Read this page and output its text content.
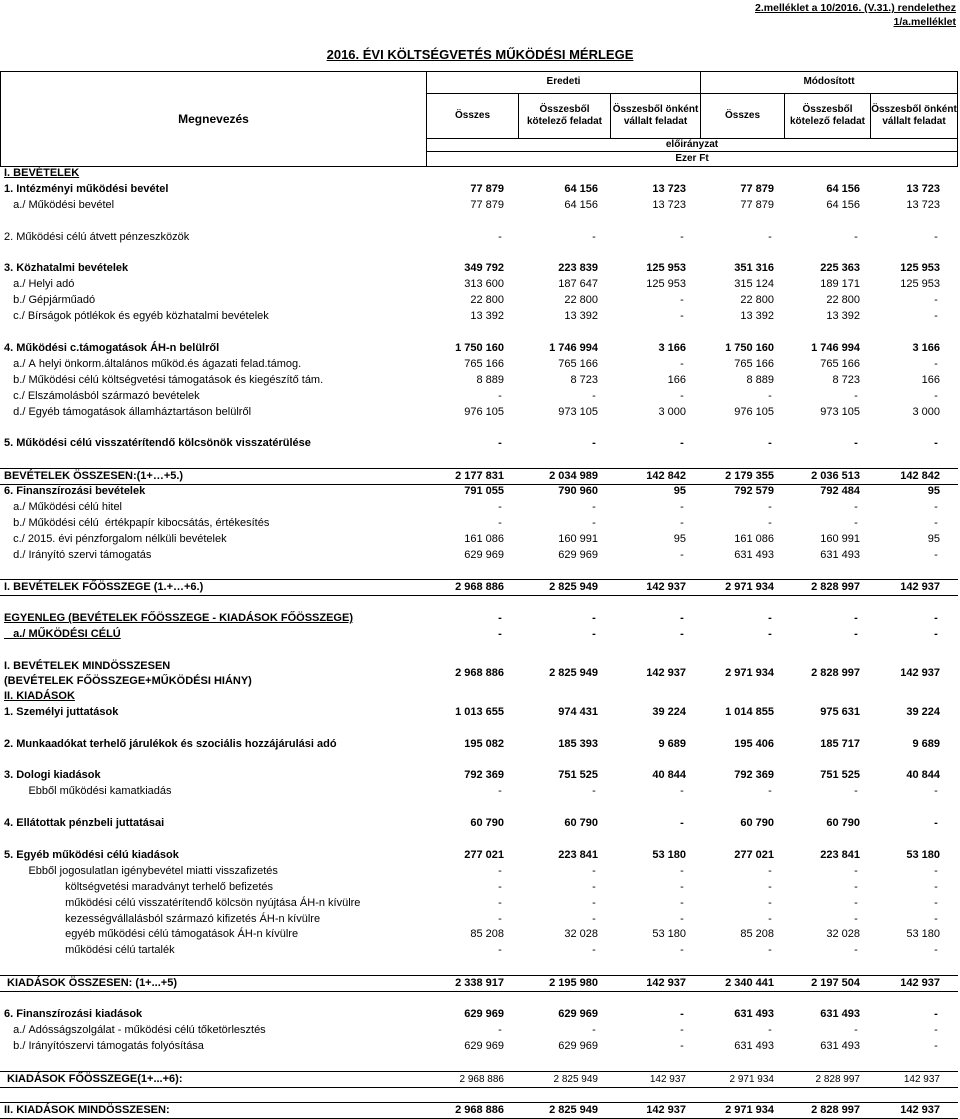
2.melléklet a 10/2016. (V.31.) rendelethez
1/a.melléklet
2016. ÉVI KÖLTSÉGVETÉS MŰKÖDÉSI MÉRLEGE
Megnevezés
Eredeti	Módosított
Összes
Összesből kötelező feladat
Összesből önként vállalt feladat
Összes
Összesből kötelező feladat
Összesből önként vállalt feladat
előirányzat
Ezer Ft
I. BEVÉTELEK
1. Intézményi működési bevétel	77 879	64 156	13 723	77 879	64 156	13 723
a./ Működési bevétel	77 879	64 156	13 723	77 879	64 156	13 723
2. Működési célú átvett pénzeszközök	-	-	-	-	-	-
3. Közhatalmi bevételek	349 792	223 839	125 953	351 316	225 363	125 953
a./ Helyi adó	313 600	187 647	125 953	315 124	189 171	125 953
b./ Gépjárműadó	22 800	22 800	-	22 800	22 800	-
c./ Bírságok pótlékok és egyéb közhatalmi bevételek	13 392	13 392	-	13 392	13 392	-
4. Működési c.támogatások ÁH-n belülről	1 750 160	1 746 994	3 166	1 750 160	1 746 994	3 166
a./ A helyi önkorm.általános működ.és ágazati felad.támog.	765 166	765 166	-	765 166	765 166	-
b./ Működési célú költségvetési támogatások és kiegészítő tám.	8 889	8 723	166	8 889	8 723	166
c./ Elszámolásból származó bevételek	-	-	-	-	-	-
d./ Egyéb támogatások államháztartáson belülről	976 105	973 105	3 000	976 105	973 105	3 000
5. Működési célú visszatérítendő kölcsönök visszatérülése	-	-	-	-	-	-
BEVÉTELEK ÖSSZESEN:(1+…+5.)	2 177 831	2 034 989	142 842	2 179 355	2 036 513	142 842
6. Finanszírozási bevételek	791 055	790 960	95	792 579	792 484	95
a./ Működési célú hitel	-	-	-	-	-	-
b./ Működési célú  értékpapír kibocsátás, értékesítés	-	-	-	-	-	-
c./ 2015. évi pénzforgalom nélküli bevételek	161 086	160 991	95	161 086	160 991	95
d./ Irányító szervi támogatás	629 969	629 969	-	631 493	631 493	-
I. BEVÉTELEK FŐÖSSZEGE (1.+…+6.)	2 968 886	2 825 949	142 937	2 971 934	2 828 997	142 937
EGYENLEG (BEVÉTELEK FŐÖSSZEGE - KIADÁSOK FŐÖSSZEGE)	-	-	-	-	-	-
a./ MŰKÖDÉSI CÉLÚ	-	-	-	-	-	-
I. BEVÉTELEK MINDÖSSZESEN
(BEVÉTELEK FŐÖSSZEGE+MŰKÖDÉSI HIÁNY)
2 968 886	2 825 949	142 937	2 971 934	2 828 997	142 937
II. KIADÁSOK
1. Személyi juttatások	1 013 655	974 431	39 224	1 014 855	975 631	39 224
2. Munkaadókat terhelő járulékok és szociális hozzájárulási adó	195 082	185 393	9 689	195 406	185 717	9 689
3. Dologi kiadások	792 369	751 525	40 844	792 369	751 525	40 844
Ebből működési kamatkiadás	-	-	-	-	-	-
4. Ellátottak pénzbeli juttatásai	60 790	60 790	-	60 790	60 790	-
5. Egyéb működési célú kiadások	277 021	223 841	53 180	277 021	223 841	53 180
Ebből jogosulatlan igénybevétel miatti visszafizetés	-	-	-	-	-	-
költségvetési maradványt terhelő befizetés	-	-	-	-	-	-
működési célú visszatérítendő kölcsön nyújtása ÁH-n kívülre	-	-	-	-	-	-
kezességvállalásból származó kifizetés ÁH-n kívülre	-	-	-	-	-	-
egyéb működési célú támogatások ÁH-n kívülre	85 208	32 028	53 180	85 208	32 028	53 180
működési célú tartalék	-	-	-	-	-	-
KIADÁSOK ÖSSZESEN: (1+...+5)	2 338 917	2 195 980	142 937	2 340 441	2 197 504	142 937
6. Finanszírozási kiadások	629 969	629 969	-	631 493	631 493	-
a./ Adósságszolgálat - működési célú tőketörlesztés	-	-	-	-	-	-
b./ Irányítószervi támogatás folyósítása	629 969	629 969	-	631 493	631 493	-
KIADÁSOK FŐÖSSZEGE(1+...+6):	2 968 886	2 825 949	142 937	2 971 934	2 828 997	142 937
II. KIADÁSOK MINDÖSSZESEN:	2 968 886	2 825 949	142 937	2 971 934	2 828 997	142 937
